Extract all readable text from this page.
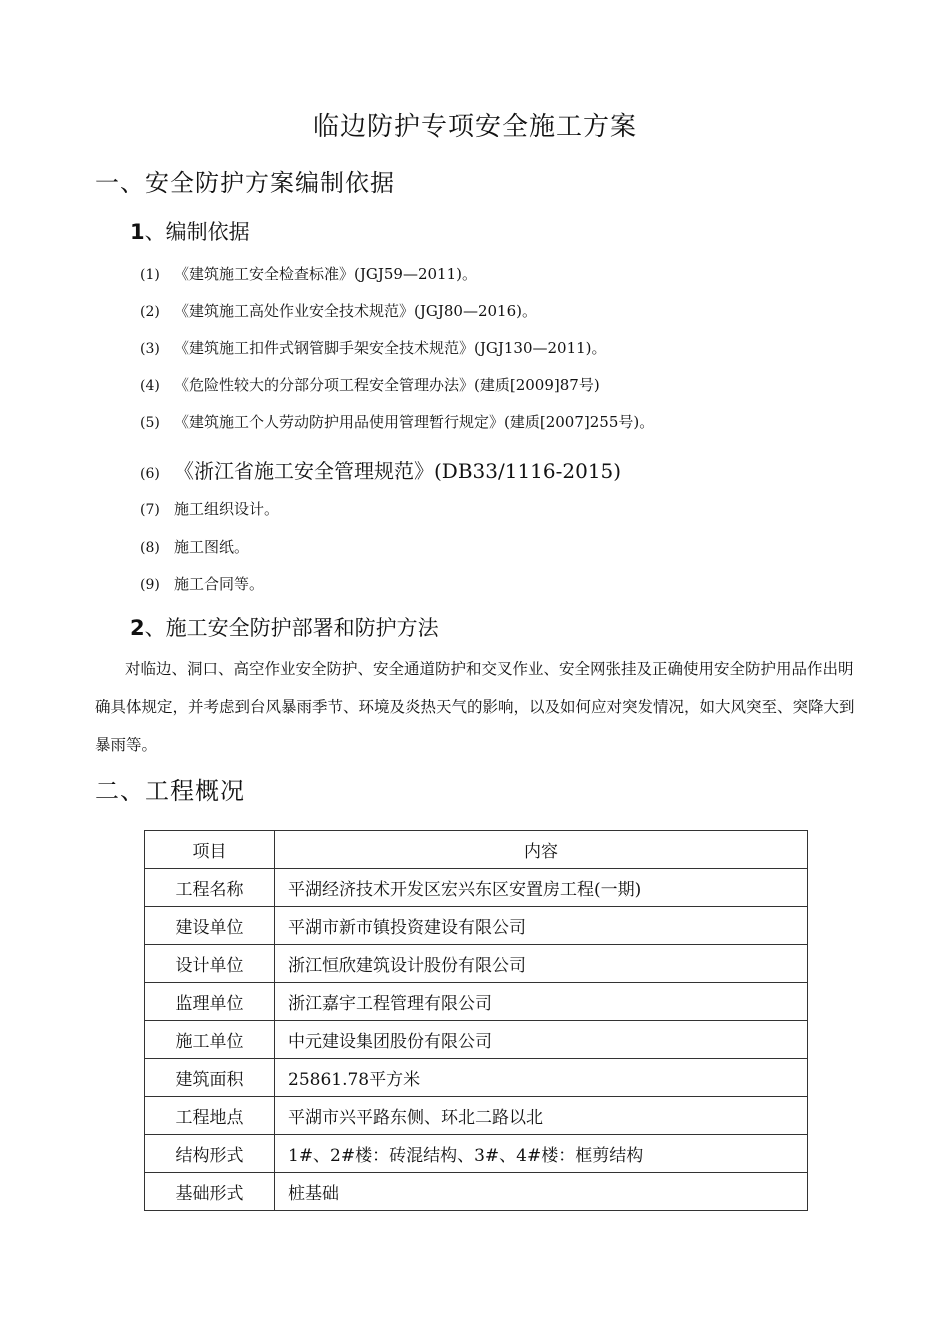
临边防护专项安全施工方案
一、安全防护方案编制依据
1、编制依据
(1) 《建筑施工安全检查标准》(JGJ59—2011)。
(2) 《建筑施工高处作业安全技术规范》(JGJ80—2016)。
(3) 《建筑施工扣件式钢管脚手架安全技术规范》(JGJ130—2011)。
(4) 《危险性较大的分部分项工程安全管理办法》(建质[2009]87号)
(5) 《建筑施工个人劳动防护用品使用管理暂行规定》(建质[2007]255号)。
(6) 《浙江省施工安全管理规范》(DB33/1116-2015)
(7) 施工组织设计。
(8) 施工图纸。
(9) 施工合同等。
2、施工安全防护部署和防护方法
对临边、洞口、高空作业安全防护、安全通道防护和交叉作业、安全网张挂及正确使用安全防护用品作出明确具体规定，并考虑到台风暴雨季节、环境及炎热天气的影响，以及如何应对突发情况，如大风突至、突降大到暴雨等。
二、工程概况
项目	内容
工程名称	平湖经济技术开发区宏兴东区安置房工程(一期)
建设单位	平湖市新市镇投资建设有限公司
设计单位	浙江恒欣建筑设计股份有限公司
监理单位	浙江嘉宇工程管理有限公司
施工单位	中元建设集团股份有限公司
建筑面积	25861.78平方米
工程地点	平湖市兴平路东侧、环北二路以北
结构形式	1#、2#楼：砖混结构、3#、4#楼：框剪结构
基础形式	桩基础
